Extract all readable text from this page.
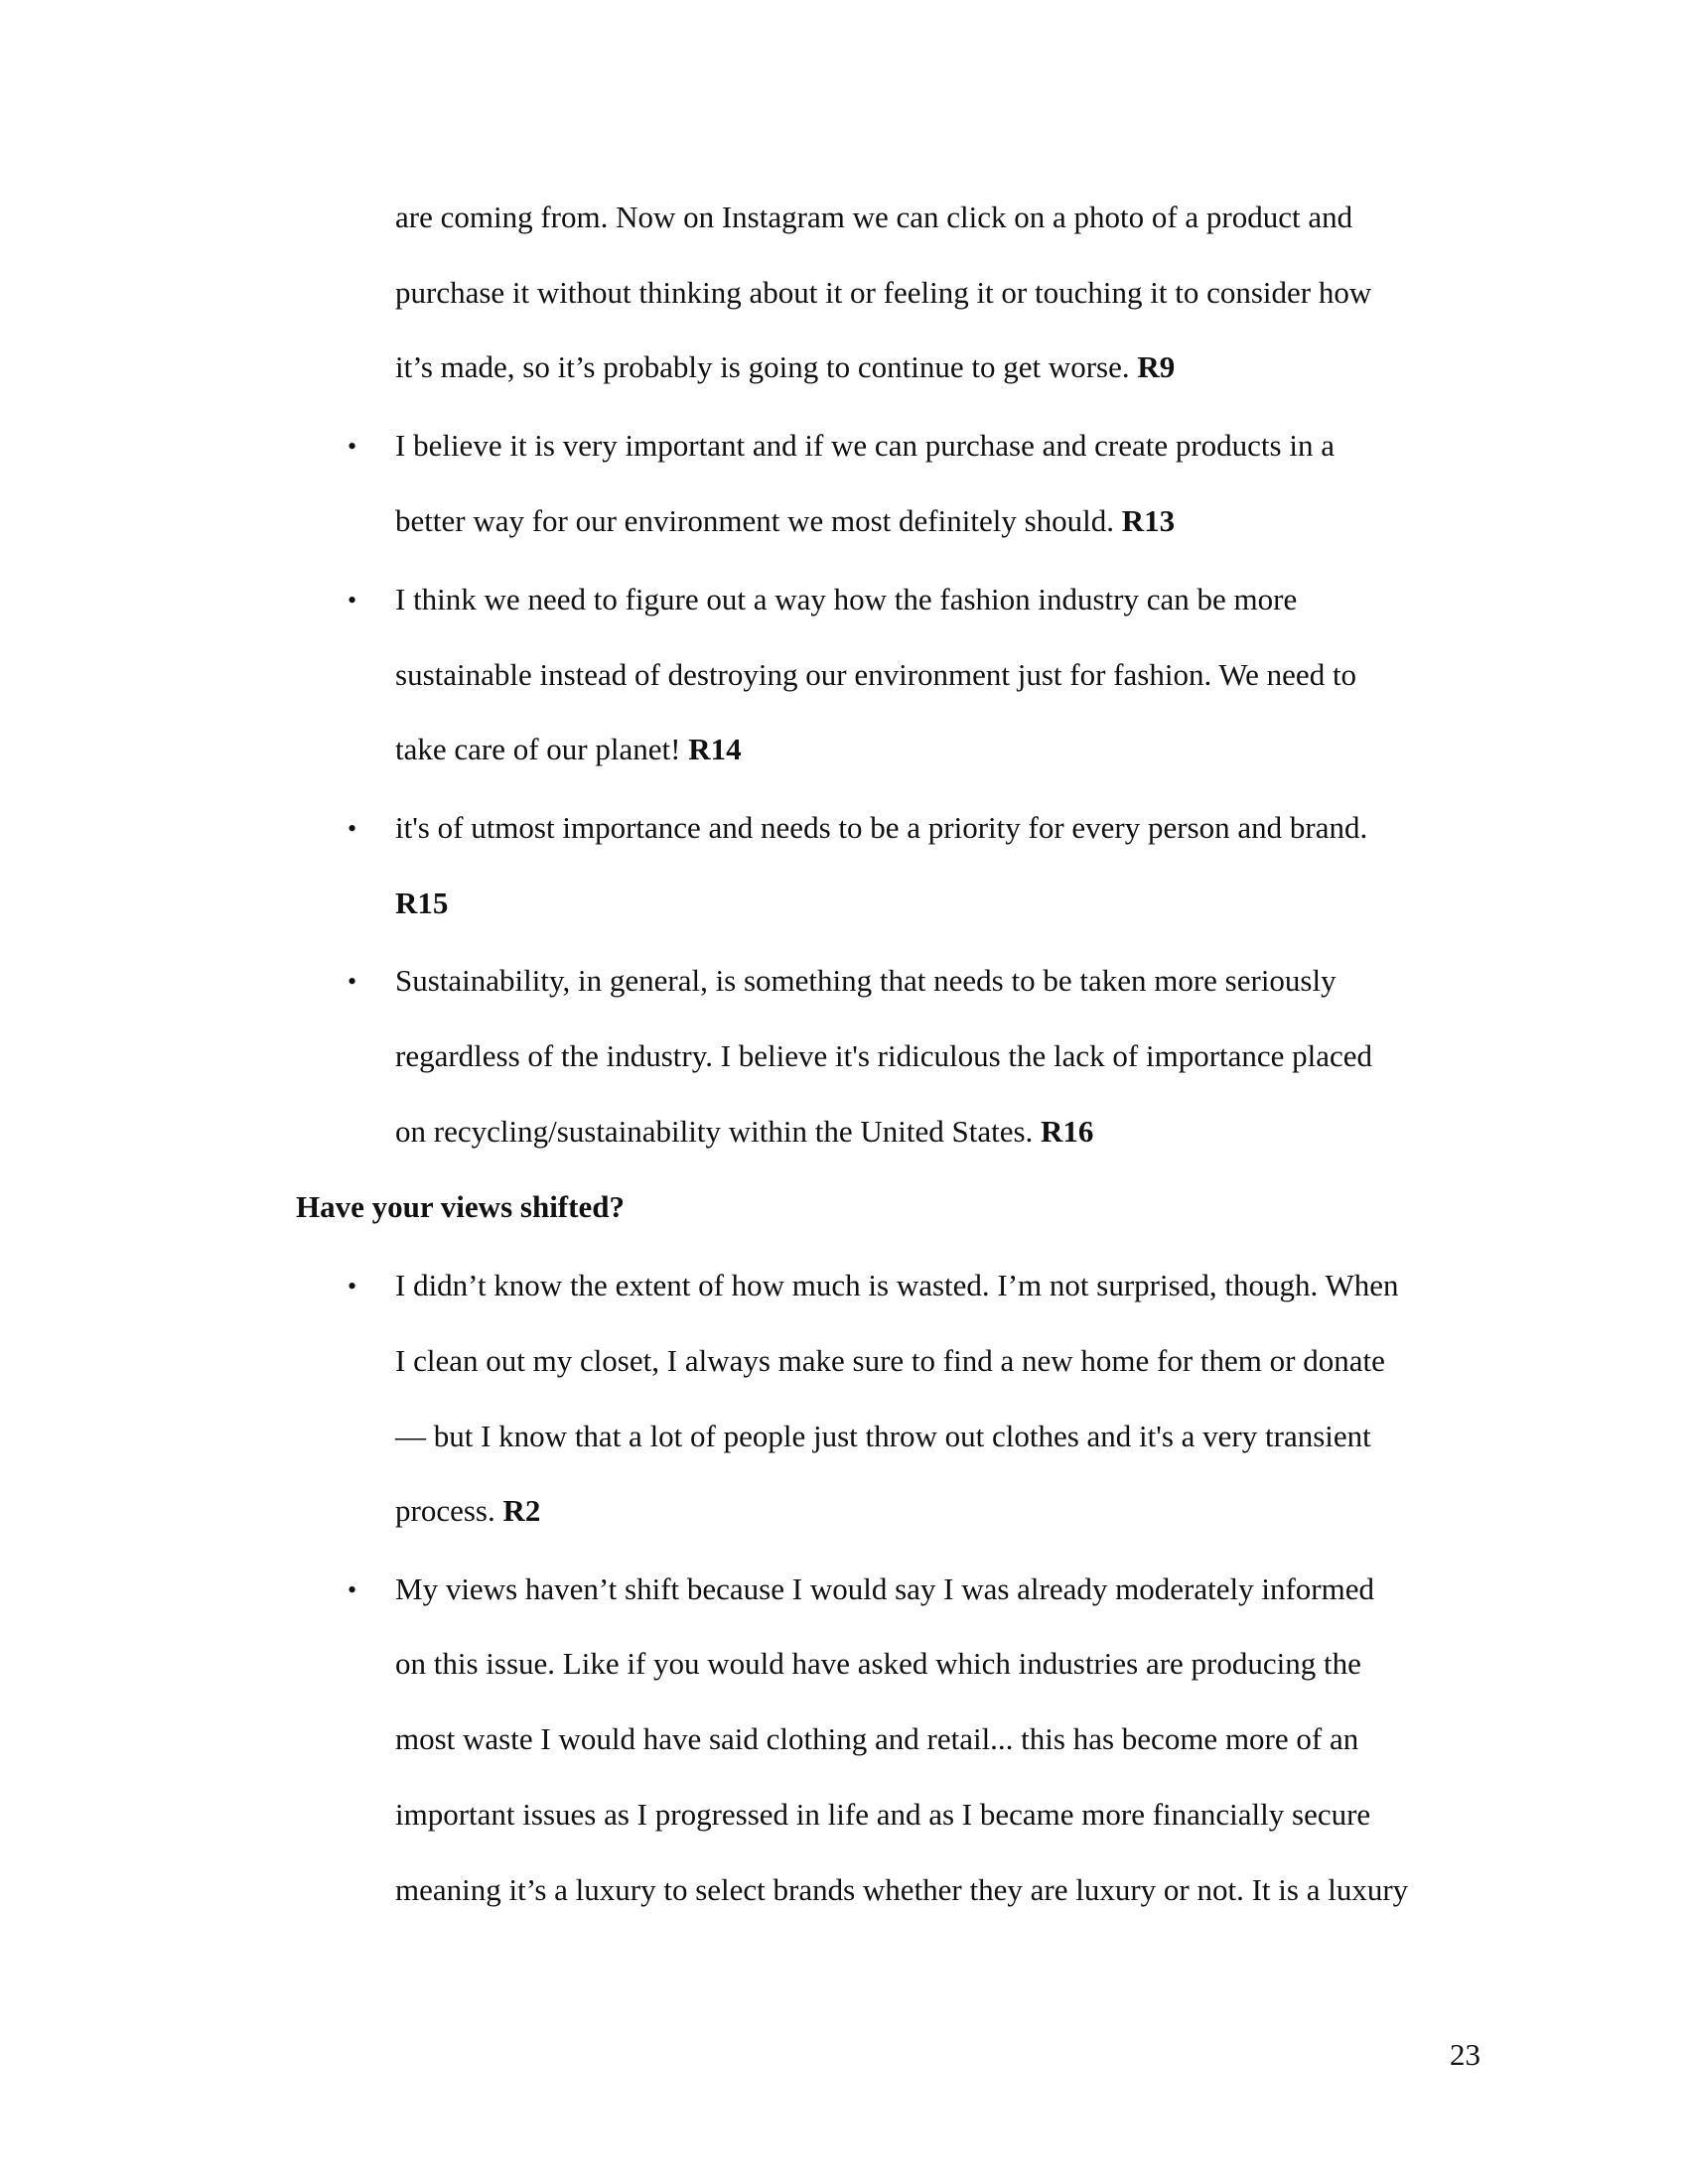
are coming from. Now on Instagram we can click on a photo of a product and
purchase it without thinking about it or feeling it or touching it to consider how
it’s made, so it’s probably is going to continue to get worse. R9
• I believe it is very important and if we can purchase and create products in a
better way for our environment we most definitely should. R13
• I think we need to figure out a way how the fashion industry can be more
sustainable instead of destroying our environment just for fashion. We need to
take care of our planet! R14
• it's of utmost importance and needs to be a priority for every person and brand.
R15
• Sustainability, in general, is something that needs to be taken more seriously
regardless of the industry. I believe it's ridiculous the lack of importance placed
on recycling/sustainability within the United States. R16
Have your views shifted?
• I didn’t know the extent of how much is wasted. I’m not surprised, though. When
I clean out my closet, I always make sure to find a new home for them or donate
— but I know that a lot of people just throw out clothes and it's a very transient
process. R2
• My views haven’t shift because I would say I was already moderately informed
on this issue. Like if you would have asked which industries are producing the
most waste I would have said clothing and retail... this has become more of an
important issues as I progressed in life and as I became more financially secure
meaning it’s a luxury to select brands whether they are luxury or not. It is a luxury
23
